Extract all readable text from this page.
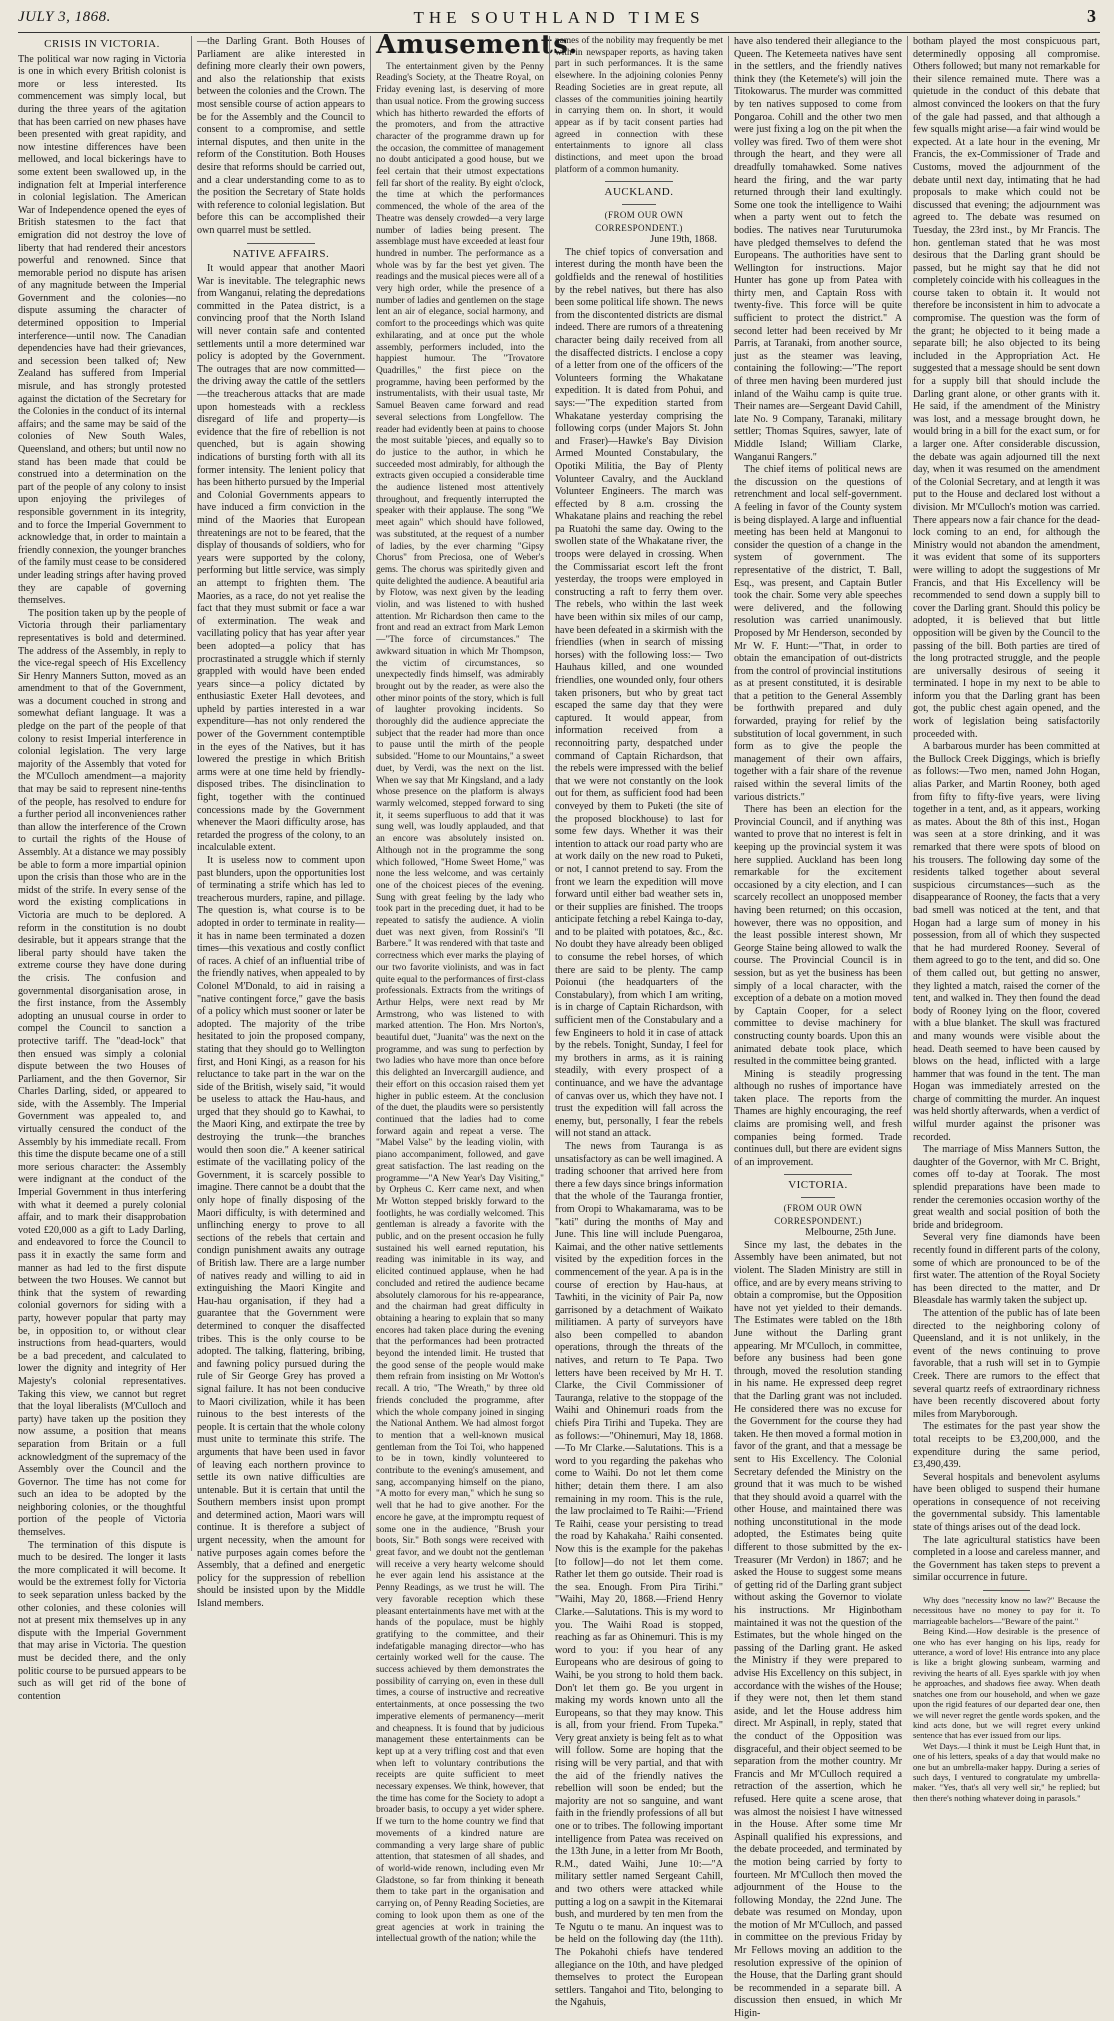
JULY 3, 1868.	THE SOUTHLAND TIMES	3
CRISIS IN VICTORIA.

The political war now raging in Victoria is one in which every British colonist is more or less interested. Its commencement was simply local, but during the three years of the agitation that has been carried on new phases have been presented with great rapidity, and now intestine differences have been mellowed, and local bickerings have to some extent been swallowed up, in the indignation felt at Imperial interference in colonial legislation. The American War of Independence opened the eyes of British statesmen to the fact that emigration did not destroy the love of liberty that had rendered their ancestors powerful and renowned. Since that memorable period no dispute has arisen of any magnitude between the Imperial Government and the colonies—no dispute assuming the character of determined opposition to Imperial interference—until now. The Canadian dependencies have had their grievances, and secession been talked of; New Zealand has suffered from Imperial misrule, and has strongly protested against the dictation of the Secretary for the Colonies in the conduct of its internal affairs; and the same may be said of the colonies of New South Wales, Queensland, and others; but until now no stand has been made that could be construed into a determination on the part of the people of any colony to insist upon enjoying the privileges of responsible government in its integrity, and to force the Imperial Government to acknowledge that, in order to maintain a friendly connexion, the younger branches of the family must cease to be considered under leading strings after having proved they are capable of governing themselves.

The position taken up by the people of Victoria through their parliamentary representatives is bold and determined. The address of the Assembly, in reply to the vice-regal speech of His Excellency Sir Henry Manners Sutton, moved as an amendment to that of the Government, was a document couched in strong and somewhat defiant language. It was a pledge on the part of the people of that colony to resist Imperial interference in colonial legislation. The very large majority of the Assembly that voted for the M'Culloch amendment—a majority that may be said to represent nine-tenths of the people, has resolved to endure for a further period all inconveniences rather than allow the interference of the Crown to curtail the rights of the House of Assembly. At a distance we may possibly be able to form a more impartial opinion upon the crisis than those who are in the midst of the strife. In every sense of the word the existing complications in Victoria are much to be deplored. A reform in the constitution is no doubt desirable, but it appears strange that the liberal party should have taken the extreme course they have done during the crisis. The confusion and governmental disorganisation arose, in the first instance, from the Assembly adopting an unusual course in order to compel the Council to sanction a protective tariff. The "dead-lock" that then ensued was simply a colonial dispute between the two Houses of Parliament, and the then Governor, Sir Charles Darling, sided, or appeared to side, with the Assembly. The Imperial Government was appealed to, and virtually censured the conduct of the Assembly by his immediate recall. From this time the dispute became one of a still more serious character: the Assembly were indignant at the conduct of the Imperial Government in thus interfering with what it deemed a purely colonial affair, and to mark their disapprobation voted £20,000 as a gift to Lady Darling, and endeavored to force the Council to pass it in exactly the same form and manner as had led to the first dispute between the two Houses. We cannot but think that the system of rewarding colonial governors for siding with a party, however popular that party may be, in opposition to, or without clear instructions from head-quarters, would be a bad precedent, and calculated to lower the dignity and integrity of Her Majesty's colonial representatives. Taking this view, we cannot but regret that the loyal liberalists (M'Culloch and party) have taken up the position they now assume, a position that means separation from Britain or a full acknowledgment of the supremacy of the Assembly over the Council and the Governor. The time has not come for such an idea to be adopted by the neighboring colonies, or the thoughtful portion of the people of Victoria themselves.

The termination of this dispute is much to be desired. The longer it lasts the more complicated it will become. It would be the extremest folly for Victoria to seek separation unless backed by the other colonies, and these colonies will not at present mix themselves up in any dispute with the Imperial Government that may arise in Victoria. The question must be decided there, and the only politic course to be pursued appears to be such as will get rid of the bone of contention

—the Darling Grant. Both Houses of Parliament are alike interested in defining more clearly their own powers, and also the relationship that exists between the colonies and the Crown. The most sensible course of action appears to be for the Assembly and the Council to consent to a compromise, and settle internal disputes, and then unite in the reform of the Constitution. Both Houses desire that reforms should be carried out, and a clear understanding come to as to the position the Secretary of State holds with reference to colonial legislation. But before this can be accomplished their own quarrel must be settled.

NATIVE AFFAIRS.

It would appear that another Maori War is inevitable. The telegraphic news from Wanganui, relating the depredations committed in the Patea district, is a convincing proof that the North Island will never contain safe and contented settlements until a more determined war policy is adopted by the Government. The outrages that are now committed—the driving away the cattle of the settlers—the treacherous attacks that are made upon homesteads with a reckless disregard of life and property—is evidence that the fire of rebellion is not quenched, but is again showing indications of bursting forth with all its former intensity. The lenient policy that has been hitherto pursued by the Imperial and Colonial Governments appears to have induced a firm conviction in the mind of the Maories that European threatenings are not to be feared, that the display of thousands of soldiers, who for years were supported by the colony, performing but little service, was simply an attempt to frighten them. The Maories, as a race, do not yet realise the fact that they must submit or face a war of extermination. The weak and vacillating policy that has year after year been adopted—a policy that has procrastinated a struggle which if sternly grappled with would have been ended years since—a policy dictated by enthusiastic Exeter Hall devotees, and upheld by parties interested in a war expenditure—has not only rendered the power of the Government contemptible in the eyes of the Natives, but it has lowered the prestige in which British arms were at one time held by friendly-disposed tribes. The disinclination to fight, together with the continued concessions made by the Government whenever the Maori difficulty arose, has retarded the progress of the colony, to an incalculable extent.

It is useless now to comment upon past blunders, upon the opportunities lost of terminating a strife which has led to treacherous murders, rapine, and pillage. The question is, what course is to be adopted in order to terminate in reality—it has in name been terminated a dozen times—this vexatious and costly conflict of races. A chief of an influential tribe of the friendly natives, when appealed to by Colonel M'Donald, to aid in raising a "native contingent force," gave the basis of a policy which must sooner or later be adopted. The majority of the tribe hesitated to join the proposed company, stating that they should go to Wellington first, and Honi Kingi, as a reason for his reluctance to take part in the war on the side of the British, wisely said, "it would be useless to attack the Hau-haus, and urged that they should go to Kawhai, to the Maori King, and extirpate the tree by destroying the trunk—the branches would then soon die." A keener satirical estimate of the vacillating policy of the Government, it is scarcely possible to imagine. There cannot be a doubt that the only hope of finally disposing of the Maori difficulty, is with determined and unflinching energy to prove to all sections of the rebels that certain and condign punishment awaits any outrage of British law. There are a large number of natives ready and willing to aid in extinguishing the Maori Kingite and Hau-hau organisation, if they had a guarantee that the Government were determined to conquer the disaffected tribes. This is the only course to be adopted. The talking, flattering, bribing, and fawning policy pursued during the rule of Sir George Grey has proved a signal failure. It has not been conducive to Maori civilization, while it has been ruinous to the best interests of the people. It is certain that the whole colony must unite to terminate this strife. The arguments that have been used in favor of leaving each northern province to settle its own native difficulties are untenable. But it is certain that until the Southern members insist upon prompt and determined action, Maori wars will continue. It is therefore a subject of urgent necessity, when the amount for native purposes again comes before the Assembly, that a defined and energetic policy for the suppression of rebellion should be insisted upon by the Middle Island members.

Amusements.

The entertainment given by the Penny Reading's Society, at the Theatre Royal, on Friday evening last, is deserving of more than usual notice. From the growing success which has hitherto rewarded the efforts of the promoters, and from the attractive character of the programme drawn up for the occasion, the committee of management no doubt anticipated a good house, but we feel certain that their utmost expectations fell far short of the reality. By eight o'clock, the time at which the performances commenced, the whole of the area of the Theatre was densely crowded—a very large number of ladies being present. The assemblage must have exceeded at least four hundred in number. The performance as a whole was by far the best yet given. The readings and the musical pieces were all of a very high order, while the presence of a number of ladies and gentlemen on the stage lent an air of elegance, social harmony, and comfort to the proceedings which was quite exhilarating, and at once put the whole assembly, performers included, into the happiest humour. The "Trovatore Quadrilles," the first piece on the programme, having been performed by the instrumentalists, with their usual taste, Mr Samuel Beaven came forward and read several selections from Longfellow. The reader had evidently been at pains to choose the most suitable 'pieces, and equally so to do justice to the author, in which he succeeded most admirably, for although the extracts given occupied a considerable time the audience listened most attentively throughout, and frequently interrupted the speaker with their applause. The song "We meet again" which should have followed, was substituted, at the request of a number of ladies, by the ever charming "Gipsy Chorus" from Preciosa, one of Weber's gems. The chorus was spiritedly given and quite delighted the audience. A beautiful aria by Flotow, was next given by the leading violin, and was listened to with hushed attention. Mr Richardson then came to the front and read an extract from Mark Lemon—"The force of circumstances." The awkward situation in which Mr Thompson, the victim of circumstances, so unexpectedly finds himself, was admirably brought out by the reader, as were also the other minor points of the story, which is full of laughter provoking incidents. So thoroughly did the audience appreciate the subject that the reader had more than once to pause until the mirth of the people subsided. "Home to our Mountains," a sweet duet, by Verdi, was the next on the list. When we say that Mr Kingsland, and a lady whose presence on the platform is always warmly welcomed, stepped forward to sing it, it seems superfluous to add that it was sung well, was loudly applauded, and that an encore was absolutely insisted on. Although not in the programme the song which followed, "Home Sweet Home," was none the less welcome, and was certainly one of the choicest pieces of the evening. Sung with great feeling by the lady who took part in the preceding duet, it had to be repeated to satisfy the audience. A violin duet was next given, from Rossini's "Il Barbere." It was rendered with that taste and correctness which ever marks the playing of our two favorite violinists, and was in fact quite equal to the performances of first-class professionals. Extracts from the writings of Arthur Helps, were next read by Mr Armstrong, who was listened to with marked attention. The Hon. Mrs Norton's, beautiful duet, "Juanita" was the next on the programme, and was sung to perfection by two ladies who have more than once before this delighted an Invercargill audience, and their effort on this occasion raised them yet higher in public esteem. At the conclusion of the duet, the plaudits were so persistently continued that the ladies had to come forward again and repeat a verse. The "Mabel Valse" by the leading violin, with piano accompaniment, followed, and gave great satisfaction. The last reading on the programme—"A New Year's Day Visiting," by Orpheus C. Kerr came next, and when Mr Wotton stepped briskly forward to the footlights, he was cordially welcomed. This gentleman is already a favorite with the public, and on the present occasion he fully sustained his well earned reputation, his reading was inimitable in its way, and elicited continued applause, when he had concluded and retired the audience became absolutely clamorous for his re-appearance, and the chairman had great difficulty in obtaining a hearing to explain that so many encores had taken place during the evening that the performances had been protracted beyond the intended limit. He trusted that the good sense of the people would make them refrain from insisting on Mr Wotton's recall. A trio, "The Wreath," by three old friends concluded the programme, after which the whole company joined in singing the National Anthem. We had almost forgot to mention that a well-known musical gentleman from the Toi Toi, who happened to be in town, kindly volunteered to contribute to the evening's amusement, and sang, accompanying himself on the piano, "A motto for every man," which he sung so well that he had to give another. For the encore he gave, at the impromptu request of some one in the audience, "Brush your boots, Sir." Both songs were received with great favor, and we doubt not the gentleman will receive a very hearty welcome should he ever again lend his assistance at the Penny Readings, as we trust he will. The very favorable reception which these pleasant entertainments have met with at the hands of the populace, must be highly gratifying to the committee, and their indefatigable managing director—who has certainly worked well for the cause. The success achieved by them demonstrates the possibility of carrying on, even in these dull times, a course of instructive and recreative entertainments, at once possessing the two imperative elements of permanency—merit and cheapness. It is found that by judicious management these entertainments can be kept up at a very trifling cost and that even when left to voluntary contributions the receipts are quite sufficient to meet necessary expenses. We think, however, that the time has come for the Society to adopt a broader basis, to occupy a yet wider sphere. If we turn to the home country we find that movements of a kindred nature are commanding a very large share of public attention, that statesmen of all shades, and of world-wide renown, including even Mr Gladstone, so far from thinking it beneath them to take part in the organisation and carrying on, of Penny Reading Societies, are coming to look upon them as one of the great agencies at work in training the intellectual growth of the nation; while the

names of the nobility may frequently be met with in newspaper reports, as having taken part in such performances. It is the same elsewhere. In the adjoining colonies Penny Reading Societies are in great repute, all classes of the communities joining heartily in carrying them on. In short, it would appear as if by tacit consent parties had agreed in connection with these entertainments to ignore all class distinctions, and meet upon the broad platform of a common humanity.

AUCKLAND.

(FROM OUR OWN CORRESPONDENT.)

June 19th, 1868.

The chief topics of conversation and interest during the month have been the goldfields and the renewal of hostilities by the rebel natives, but there has also been some political life shown. The news from the discontented districts are dismal indeed. There are rumors of a threatening character being daily received from all the disaffected districts. I enclose a copy of a letter from one of the officers of the Volunteers forming the Whakatane expedition. It is dated from Pohui, and says:—"The expedition started from Whakatane yesterday comprising the following corps (under Majors St. John and Fraser)—Hawke's Bay Division Armed Mounted Constabulary, the Opotiki Militia, the Bay of Plenty Volunteer Cavalry, and the Auckland Volunteer Engineers. The march was effected by 8 a.m. crossing the Whakatane plains and reaching the rebel pa Ruatohi the same day. Owing to the swollen state of the Whakatane river, the troops were delayed in crossing. When the Commissariat escort left the front yesterday, the troops were employed in constructing a raft to ferry them over. The rebels, who within the last week have been within six miles of our camp, have been defeated in a skirmish with the friendlies (when in search of missing horses) with the following loss:— Two Hauhaus killed, and one wounded friendlies, one wounded only, four others taken prisoners, but who by great tact escaped the same day that they were captured. It would appear, from information received from a reconnoitring party, despatched under command of Captain Richardson, that the rebels were impressed with the belief that we were not constantly on the look out for them, as sufficient food had been conveyed by them to Puketi (the site of the proposed blockhouse) to last for some few days. Whether it was their intention to attack our road party who are at work daily on the new road to Puketi, or not, I cannot pretend to say. From the front we learn the expedition will move forward until either bad weather sets in, or their supplies are finished. The troops anticipate fetching a rebel Kainga to-day, and to be plaited with potatoes, &c., &c. No doubt they have already been obliged to consume the rebel horses, of which there are said to be plenty. The camp Poionui (the headquarters of the Constabulary), from which I am writing, is in charge of Captain Richardson, with sufficient men of the Constabulary and a few Engineers to hold it in case of attack by the rebels. Tonight, Sunday, I feel for my brothers in arms, as it is raining steadily, with every prospect of a continuance, and we have the advantage of canvas over us, which they have not. I trust the expedition will fall across the enemy, but, personally, I fear the rebels will not stand an attack.

The news from Tauranga is as unsatisfactory as can be well imagined. A trading schooner that arrived here from there a few days since brings information that the whole of the Tauranga frontier, from Oropi to Whakamarama, was to be "kati" during the months of May and June. This line will include Puengaroa, Kaimai, and the other native settlements visited by the expedition forces in the commencement of the year. A pa is in the course of erection by Hau-haus, at Tawhiti, in the vicinity of Pair Pa, now garrisoned by a detachment of Waikato militiamen. A party of surveyors have also been compelled to abandon operations, through the threats of the natives, and return to Te Papa. Two letters have been received by Mr H. T. Clarke, the Civil Commissioner of Tauranga, relative to the stoppage of the Waihi and Ohinemuri roads from the chiefs Pira Tirihi and Tupeka. They are as follows:—"Ohinemuri, May 18, 1868.—To Mr Clarke.—Salutations. This is a word to you regarding the pakehas who come to Waihi. Do not let them come hither; detain them there. I am also remaining in my room. This is the rule, the law proclaimed to Te Raihi:—'Friend Te Raihi, cease your persisting to tread the road by Kahakaha.' Raihi consented. Now this is the example for the pakehas [to follow]—do not let them come. Rather let them go outside. Their road is the sea. Enough. From Pira Tirihi." "Waihi, May 20, 1868.—Friend Henry Clarke.—Salutations. This is my word to you. The Waihi Road is stopped, reaching as far as Ohinemuri. This is my word to you: if you hear of any Europeans who are desirous of going to Waihi, be you strong to hold them back. Don't let them go. Be you urgent in making my words known unto all the Europeans, so that they may know. This is all, from your friend. From Tupeka." Very great anxiety is being felt as to what will follow. Some are hoping that the rising will be very partial, and that with the aid of the friendly natives the rebellion will soon be ended; but the majority are not so sanguine, and want faith in the friendly professions of all but one or to tribes. The following important intelligence from Patea was received on the 13th June, in a letter from Mr Booth, R.M., dated Waihi, June 10:—"A military settler named Sergeant Cahill, and two others were attacked while putting a log on a sawpit in the Kitemarai bush, and murdered by ten men from the Te Ngutu o te manu. An inquest was to be held on the following day (the 11th). The Pokahohi chiefs have tendered allegiance on the 10th, and have pledged themselves to protect the European settlers. Tangahoi and Tito, belonging to the Ngahuis,

have also tendered their allegiance to the Queen. The Ketemeeta natives have sent in the settlers, and the friendly natives think they (the Ketemete's) will join the Titokowarus. The murder was committed by ten natives supposed to come from Pongaroa. Cohill and the other two men were just fixing a log on the pit when the volley was fired. Two of them were shot through the heart, and they were all dreadfully tomahawked. Some natives heard the firing, and the war party returned through their land exultingly. Some one took the intelligence to Waihi when a party went out to fetch the bodies. The natives near Turuturumoka have pledged themselves to defend the Europeans. The authorities have sent to Wellington for instructions. Major Hunter has gone up from Patea with thirty men, and Captain Ross with twenty-five. This force will be quite sufficient to protect the district." A second letter had been received by Mr Parris, at Taranaki, from another source, just as the steamer was leaving, containing the following:—"The report of three men having been murdered just inland of the Waihu camp is quite true. Their names are—Sergeant David Cahill, late No. 9 Company, Taranaki, military settler; Thomas Squires, sawyer, late of Middle Island; William Clarke, Wanganui Rangers."

The chief items of political news are the discussion on the questions of retrenchment and local self-government. A feeling in favor of the County system is being displayed. A large and influential meeting has been held at Mangonui to consider the question of a change in the system of government. The representative of the district, T. Ball, Esq., was present, and Captain Butler took the chair. Some very able speeches were delivered, and the following resolution was carried unanimously. Proposed by Mr Henderson, seconded by Mr W. F. Hunt:—"That, in order to obtain the emancipation of out-districts from the control of provincial institutions as at present constituted, it is desirable that a petition to the General Assembly be forthwith prepared and duly forwarded, praying for relief by the substitution of local government, in such form as to give the people the management of their own affairs, together with a fair share of the revenue raised within the several limits of the various districts."

There has been an election for the Provincial Council, and if anything was wanted to prove that no interest is felt in keeping up the provincial system it was here supplied. Auckland has been long remarkable for the excitement occasioned by a city election, and I can scarcely recollect an unopposed member having been returned; on this occasion, however, there was no opposition, and the least possible interest shown, Mr George Staine being allowed to walk the course. The Provincial Council is in session, but as yet the business has been simply of a local character, with the exception of a debate on a motion moved by Captain Cooper, for a select committee to devise machinery for constructing county boards. Upon this an animated debate took place, which resulted in the committee being granted.

Mining is steadily progressing although no rushes of importance have taken place. The reports from the Thames are highly encouraging, the reef claims are promising well, and fresh companies being formed. Trade continues dull, but there are evident signs of an improvement.

VICTORIA.

(FROM OUR OWN CORRESPONDENT.)

Melbourne, 25th June.

Since my last, the debates in the Assembly have been animated, but not violent. The Sladen Ministry are still in office, and are by every means striving to obtain a compromise, but the Opposition have not yet yielded to their demands. The Estimates were tabled on the 18th June without the Darling grant appearing. Mr M'Culloch, in committee, before any business had been gone through, moved the resolution standing in his name. He expressed deep regret that the Darling grant was not included. He considered there was no excuse for the Government for the course they had taken. He then moved a formal motion in favor of the grant, and that a message be sent to His Excellency. The Colonial Secretary defended the Ministry on the ground that it was much to be wished that they should avoid a quarrel with the other House, and maintained there was nothing unconstitutional in the mode adopted, the Estimates being quite different to those submitted by the ex-Treasurer (Mr Verdon) in 1867; and he asked the House to suggest some means of getting rid of the Darling grant subject without asking the Governor to violate his instructions. Mr Higinbotham maintained it was not the question of the Estimates, but the whole hinged on the passing of the Darling grant. He asked the Ministry if they were prepared to advise His Excellency on this subject, in accordance with the wishes of the House; if they were not, then let them stand aside, and let the House address him direct. Mr Aspinall, in reply, stated that the conduct of the Opposition was disgraceful, and their object seemed to be separation from the mother country. Mr Francis and Mr M'Culloch required a retraction of the assertion, which he refused. Here quite a scene arose, that was almost the noisiest I have witnessed in the House. After some time Mr Aspinall qualified his expressions, and the debate proceeded, and terminated by the motion being carried by forty to fourteen. Mr M'Culloch then moved the adjournment of the House to the following Monday, the 22nd June. The debate was resumed on Monday, upon the motion of Mr M'Culloch, and passed in committee on the previous Friday by Mr Fellows moving an addition to the resolution expressive of the opinion of the House, that the Darling grant should be recommended in a separate bill. A discussion then ensued, in which Mr Higin-

botham played the most conspicuous part, determinedly opposing all compromise. Others followed; but many not remarkable for their silence remained mute. There was a quietude in the conduct of this debate that almost convinced the lookers on that the fury of the gale had passed, and that although a few squalls might arise—a fair wind would be expected. At a late hour in the evening, Mr Francis, the ex-Commissioner of Trade and Customs, moved the adjournment of the debate until next day, intimating that he had proposals to make which could not be discussed that evening; the adjournment was agreed to. The debate was resumed on Tuesday, the 23rd inst., by Mr Francis. The hon. gentleman stated that he was most desirous that the Darling grant should be passed, but he might say that he did not completely coincide with his colleagues in the course taken to obtain it. It would not therefore be inconsistent in him to advocate a compromise. The question was the form of the grant; he objected to it being made a separate bill; he also objected to its being included in the Appropriation Act. He suggested that a message should be sent down for a supply bill that should include the Darling grant alone, or other grants with it. He said, if the amendment of the Ministry was lost, and a message brought down, he would bring in a bill for the exact sum, or for a larger one. After considerable discussion, the debate was again adjourned till the next day, when it was resumed on the amendment of the Colonial Secretary, and at length it was put to the House and declared lost without a division. Mr M'Culloch's motion was carried. There appears now a fair chance for the dead-lock coming to an end, for although the Ministry would not abandon the amendment, it was evident that some of its supporters were willing to adopt the suggestions of Mr Francis, and that His Excellency will be recommended to send down a supply bill to cover the Darling grant. Should this policy be adopted, it is believed that but little opposition will be given by the Council to the passing of the bill. Both parties are tired of the long protracted struggle, and the people are universally desirous of seeing it terminated. I hope in my next to be able to inform you that the Darling grant has been got, the public chest again opened, and the work of legislation being satisfactorily proceeded with.

A barbarous murder has been committed at the Bullock Creek Diggings, which is briefly as follows:—Two men, named John Hogan, alias Parker, and Martin Rooney, both aged from fifty to fifty-five years, were living together in a tent, and, as it appears, working as mates. About the 8th of this inst., Hogan was seen at a store drinking, and it was remarked that there were spots of blood on his trousers. The following day some of the residents talked together about several suspicious circumstances—such as the disappearance of Rooney, the facts that a very bad smell was noticed at the tent, and that Hogan had a large sum of money in his possession, from all of which they suspected that he had murdered Rooney. Several of them agreed to go to the tent, and did so. One of them called out, but getting no answer, they lighted a match, raised the corner of the tent, and walked in. They then found the dead body of Rooney lying on the floor, covered with a blue blanket. The skull was fractured and many wounds were visible about the head. Death seemed to have been caused by blows on the head, inflicted with a large hammer that was found in the tent. The man Hogan was immediately arrested on the charge of committing the murder. An inquest was held shortly afterwards, when a verdict of wilful murder against the prisoner was recorded.

The marriage of Miss Manners Sutton, the daughter of the Governor, with Mr C. Bright, comes off to-day at Toorak. The most splendid preparations have been made to render the ceremonies occasion worthy of the great wealth and social position of both the bride and bridegroom.

Several very fine diamonds have been recently found in different parts of the colony, some of which are pronounced to be of the first water. The attention of the Royal Society has been directed to the matter, and Dr Bleasdale has warmly taken the subject up.

The attention of the public has of late been directed to the neighboring colony of Queensland, and it is not unlikely, in the event of the news continuing to prove favorable, that a rush will set in to Gympie Creek. There are rumors to the effect that several quartz reefs of extraordinary richness have been recently discovered about forty miles from Maryborough.

The estimates for the past year show the total receipts to be £3,200,000, and the expenditure during the same period, £3,490,439.

Several hospitals and benevolent asylums have been obliged to suspend their humane operations in consequence of not receiving the governmental subsidy. This lamentable state of things arises out of the dead lock.

The late agricultural statistics have been completed in a loose and careless manner, and the Government has taken steps to prevent a similar occurrence in future.

Why does "necessity know no law?" Because the necessitous have no money to pay for it. To marriageable bachelors—"Beware of the paint."

Being Kind.—How desirable is the presence of one who has ever hanging on his lips, ready for utterance, a word of love! His entrance into any place is like a bright glowing sunbeam, warming and reviving the hearts of all. Eyes sparkle with joy when he approaches, and shadows fiee away. When death snatches one from our household, and when we gaze upon the rigid features of our departed dear one, then we will never regret the gentle words spoken, and the kind acts done, but we will regret every unkind sentence that has ever issued from our lips.

Wet Days.—I think it must be Leigh Hunt that, in one of his letters, speaks of a day that would make no one but an umbrella-maker happy. During a series of such days, I ventured to congratulate my umbrella-maker. "Yes, that's all very well sir," he replied; but then there's nothing whatever doing in parasols."
